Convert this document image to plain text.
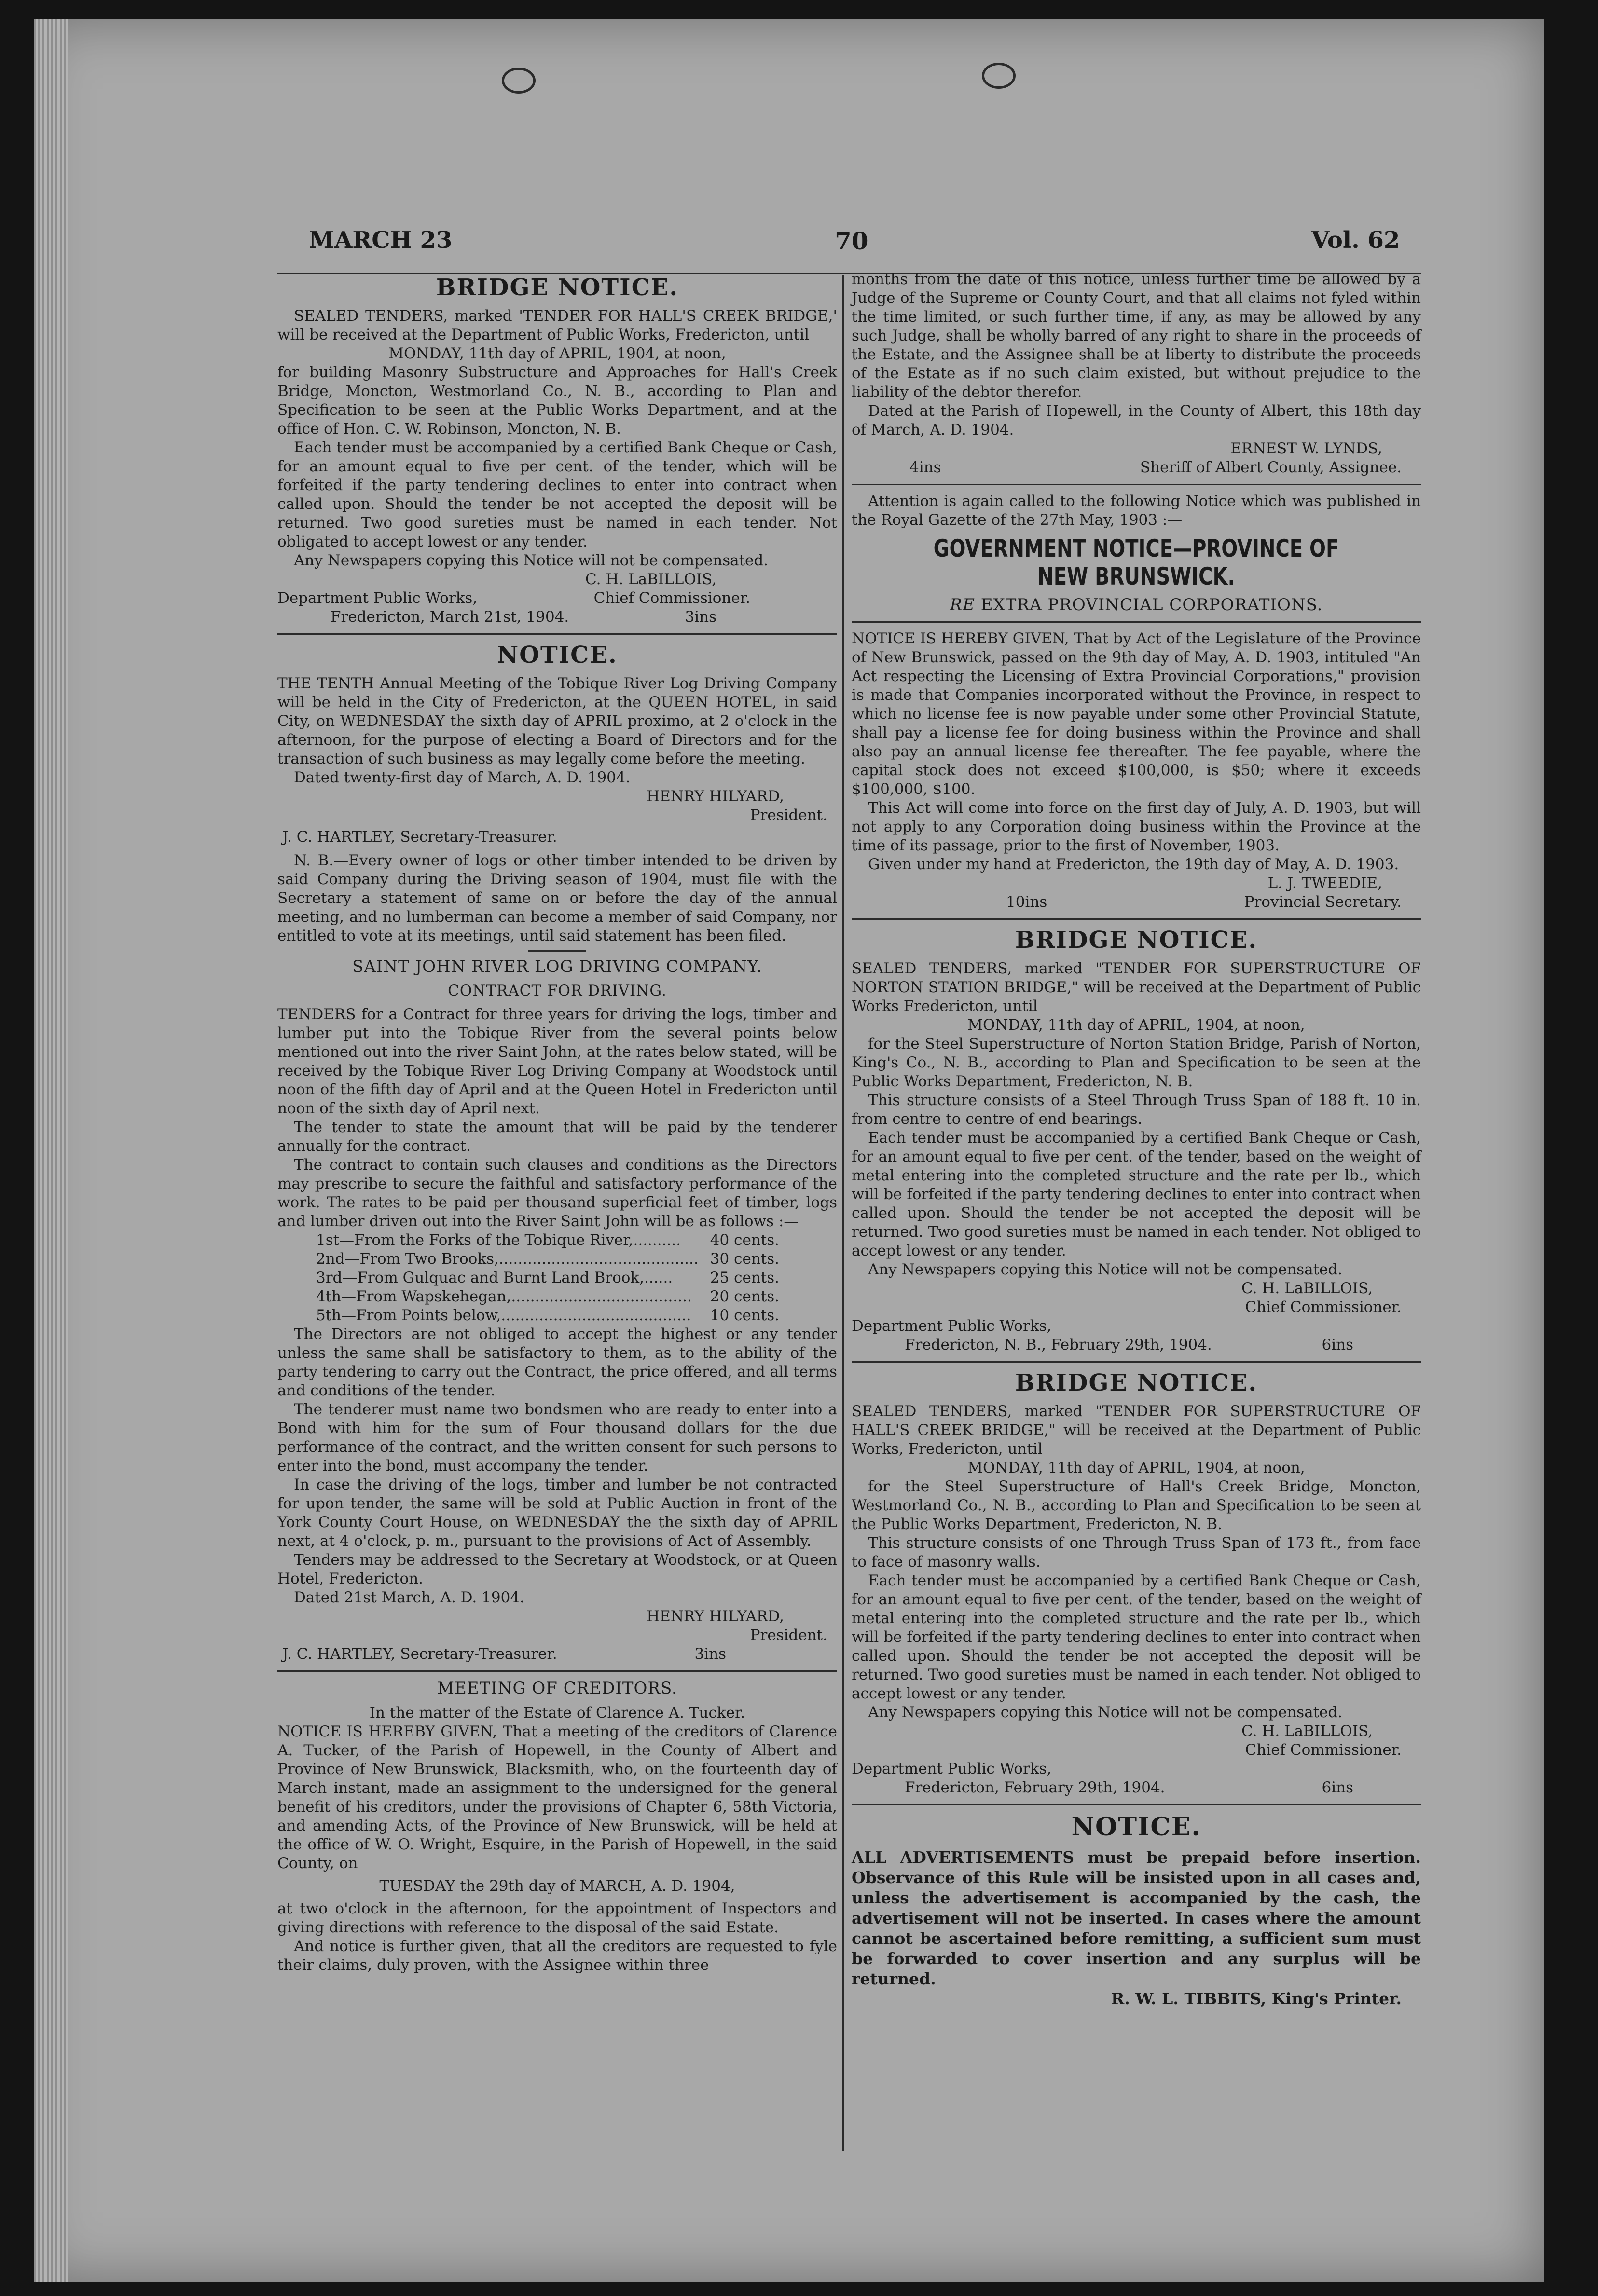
MARCH 23	70	Vol. 62
BRIDGE NOTICE.

SEALED TENDERS, marked 'TENDER FOR HALL'S CREEK BRIDGE,' will be received at the Department of Public Works, Fredericton, until

MONDAY, 11th day of APRIL, 1904, at noon,

for building Masonry Substructure and Approaches for Hall's Creek Bridge, Moncton, Westmorland Co., N. B., according to Plan and Specification to be seen at the Public Works Department, and at the office of Hon. C. W. Robinson, Moncton, N. B.

Each tender must be accompanied by a certified Bank Cheque or Cash, for an amount equal to five per cent. of the tender, which will be forfeited if the party tendering declines to enter into contract when called upon. Should the tender be not accepted the deposit will be returned. Two good sureties must be named in each tender. Not obligated to accept lowest or any tender.

Any Newspapers copying this Notice will not be compensated.

C. H. LaBILLOIS,
Department Public Works,	Chief Commissioner.
Fredericton, March 21st, 1904.	3ins
NOTICE.

THE TENTH Annual Meeting of the Tobique River Log Driving Company will be held in the City of Fredericton, at the QUEEN HOTEL, in said City, on WEDNESDAY the sixth day of APRIL proximo, at 2 o'clock in the afternoon, for the purpose of electing a Board of Directors and for the transaction of such business as may legally come before the meeting.

Dated twenty-first day of March, A. D. 1904.

HENRY HILYARD,
President.
J. C. HARTLEY, Secretary-Treasurer.

N. B.—Every owner of logs or other timber intended to be driven by said Company during the Driving season of 1904, must file with the Secretary a statement of same on or before the day of the annual meeting, and no lumberman can become a member of said Company, nor entitled to vote at its meetings, until said statement has been filed.

SAINT JOHN RIVER LOG DRIVING COMPANY.
CONTRACT FOR DRIVING.

TENDERS for a Contract for three years for driving the logs, timber and lumber put into the Tobique River from the several points below mentioned out into the river Saint John, at the rates below stated, will be received by the Tobique River Log Driving Company at Woodstock until noon of the fifth day of April and at the Queen Hotel in Fredericton until noon of the sixth day of April next.

The tender to state the amount that will be paid by the tenderer annually for the contract.

The contract to contain such clauses and conditions as the Directors may prescribe to secure the faithful and satisfactory performance of the work. The rates to be paid per thousand superficial feet of timber, logs and lumber driven out into the River Saint John will be as follows :—

1st—From the Forks of the Tobique River,..........	40 cents.
2nd—From Two Brooks,.......................................... 30 cents.
3rd—From Gulquac and Burnt Land Brook,......	25 cents.
4th—From Wapskehegan,......................................	20 cents.
5th—From Points below,........................................	10 cents.

The Directors are not obliged to accept the highest or any tender unless the same shall be satisfactory to them, as to the ability of the party tendering to carry out the Contract, the price offered, and all terms and conditions of the tender.

The tenderer must name two bondsmen who are ready to enter into a Bond with him for the sum of Four thousand dollars for the due performance of the contract, and the written consent for such persons to enter into the bond, must accompany the tender.

In case the driving of the logs, timber and lumber be not contracted for upon tender, the same will be sold at Public Auction in front of the York County Court House, on WEDNESDAY the the sixth day of APRIL next, at 4 o'clock, p. m., pursuant to the provisions of Act of Assembly.

Tenders may be addressed to the Secretary at Woodstock, or at Queen Hotel, Fredericton.

Dated 21st March, A. D. 1904.

HENRY HILYARD,
President.
J. C. HARTLEY, Secretary-Treasurer.	3ins
MEETING OF CREDITORS.
In the matter of the Estate of Clarence A. Tucker.

NOTICE IS HEREBY GIVEN, That a meeting of the creditors of Clarence A. Tucker, of the Parish of Hopewell, in the County of Albert and Province of New Brunswick, Blacksmith, who, on the fourteenth day of March instant, made an assignment to the undersigned for the general benefit of his creditors, under the provisions of Chapter 6, 58th Victoria, and amending Acts, of the Province of New Brunswick, will be held at the office of W. O. Wright, Esquire, in the Parish of Hopewell, in the said County, on

TUESDAY the 29th day of MARCH, A. D. 1904,

at two o'clock in the afternoon, for the appointment of Inspectors and giving directions with reference to the disposal of the said Estate.

And notice is further given, that all the creditors are requested to fyle their claims, duly proven, with the Assignee within three

months from the date of this notice, unless further time be allowed by a Judge of the Supreme or County Court, and that all claims not fyled within the time limited, or such further time, if any, as may be allowed by any such Judge, shall be wholly barred of any right to share in the proceeds of the Estate, and the Assignee shall be at liberty to distribute the proceeds of the Estate as if no such claim existed, but without prejudice to the liability of the debtor therefor.

Dated at the Parish of Hopewell, in the County of Albert, this 18th day of March, A. D. 1904.

ERNEST W. LYNDS,
4ins	Sheriff of Albert County, Assignee.

Attention is again called to the following Notice which was published in the Royal Gazette of the 27th May, 1903 :—

GOVERNMENT NOTICE—PROVINCE OF NEW BRUNSWICK.
RE EXTRA PROVINCIAL CORPORATIONS.

NOTICE IS HEREBY GIVEN, That by Act of the Legislature of the Province of New Brunswick, passed on the 9th day of May, A. D. 1903, intituled "An Act respecting the Licensing of Extra Provincial Corporations," provision is made that Companies incorporated without the Province, in respect to which no license fee is now payable under some other Provincial Statute, shall pay a license fee for doing business within the Province and shall also pay an annual license fee thereafter. The fee payable, where the capital stock does not exceed $100,000, is $50; where it exceeds $100,000, $100.

This Act will come into force on the first day of July, A. D. 1903, but will not apply to any Corporation doing business within the Province at the time of its passage, prior to the first of November, 1903.

Given under my hand at Fredericton, the 19th day of May, A. D. 1903.

L. J. TWEEDIE,
10ins	Provincial Secretary.
BRIDGE NOTICE.

SEALED TENDERS, marked "TENDER FOR SUPERSTRUCTURE OF NORTON STATION BRIDGE," will be received at the Department of Public Works Fredericton, until

MONDAY, 11th day of APRIL, 1904, at noon,

for the Steel Superstructure of Norton Station Bridge, Parish of Norton, King's Co., N. B., according to Plan and Specification to be seen at the Public Works Department, Fredericton, N. B.

This structure consists of a Steel Through Truss Span of 188 ft. 10 in. from centre to centre of end bearings.

Each tender must be accompanied by a certified Bank Cheque or Cash, for an amount equal to five per cent. of the tender, based on the weight of metal entering into the completed structure and the rate per lb., which will be forfeited if the party tendering declines to enter into contract when called upon. Should the tender be not accepted the deposit will be returned. Two good sureties must be named in each tender. Not obliged to accept lowest or any tender.

Any Newspapers copying this Notice will not be compensated.

C. H. LaBILLOIS,
Chief Commissioner.
Department Public Works,
Fredericton, N. B., February 29th, 1904.	6ins
BRIDGE NOTICE.

SEALED TENDERS, marked "TENDER FOR SUPERSTRUCTURE OF HALL'S CREEK BRIDGE," will be received at the Department of Public Works, Fredericton, until

MONDAY, 11th day of APRIL, 1904, at noon,

for the Steel Superstructure of Hall's Creek Bridge, Moncton, Westmorland Co., N. B., according to Plan and Specification to be seen at the Public Works Department, Fredericton, N. B.

This structure consists of one Through Truss Span of 173 ft., from face to face of masonry walls.

Each tender must be accompanied by a certified Bank Cheque or Cash, for an amount equal to five per cent. of the tender, based on the weight of metal entering into the completed structure and the rate per lb., which will be forfeited if the party tendering declines to enter into contract when called upon. Should the tender be not accepted the deposit will be returned. Two good sureties must be named in each tender. Not obliged to accept lowest or any tender.

Any Newspapers copying this Notice will not be compensated.

C. H. LaBILLOIS,
Chief Commissioner.
Department Public Works,
Fredericton, February 29th, 1904.	6ins
NOTICE.

ALL ADVERTISEMENTS must be prepaid before insertion. Observance of this Rule will be insisted upon in all cases and, unless the advertisement is accompanied by the cash, the advertisement will not be inserted. In cases where the amount cannot be ascertained before remitting, a sufficient sum must be forwarded to cover insertion and any surplus will be returned.

R. W. L. TIBBITS, King's Printer.
